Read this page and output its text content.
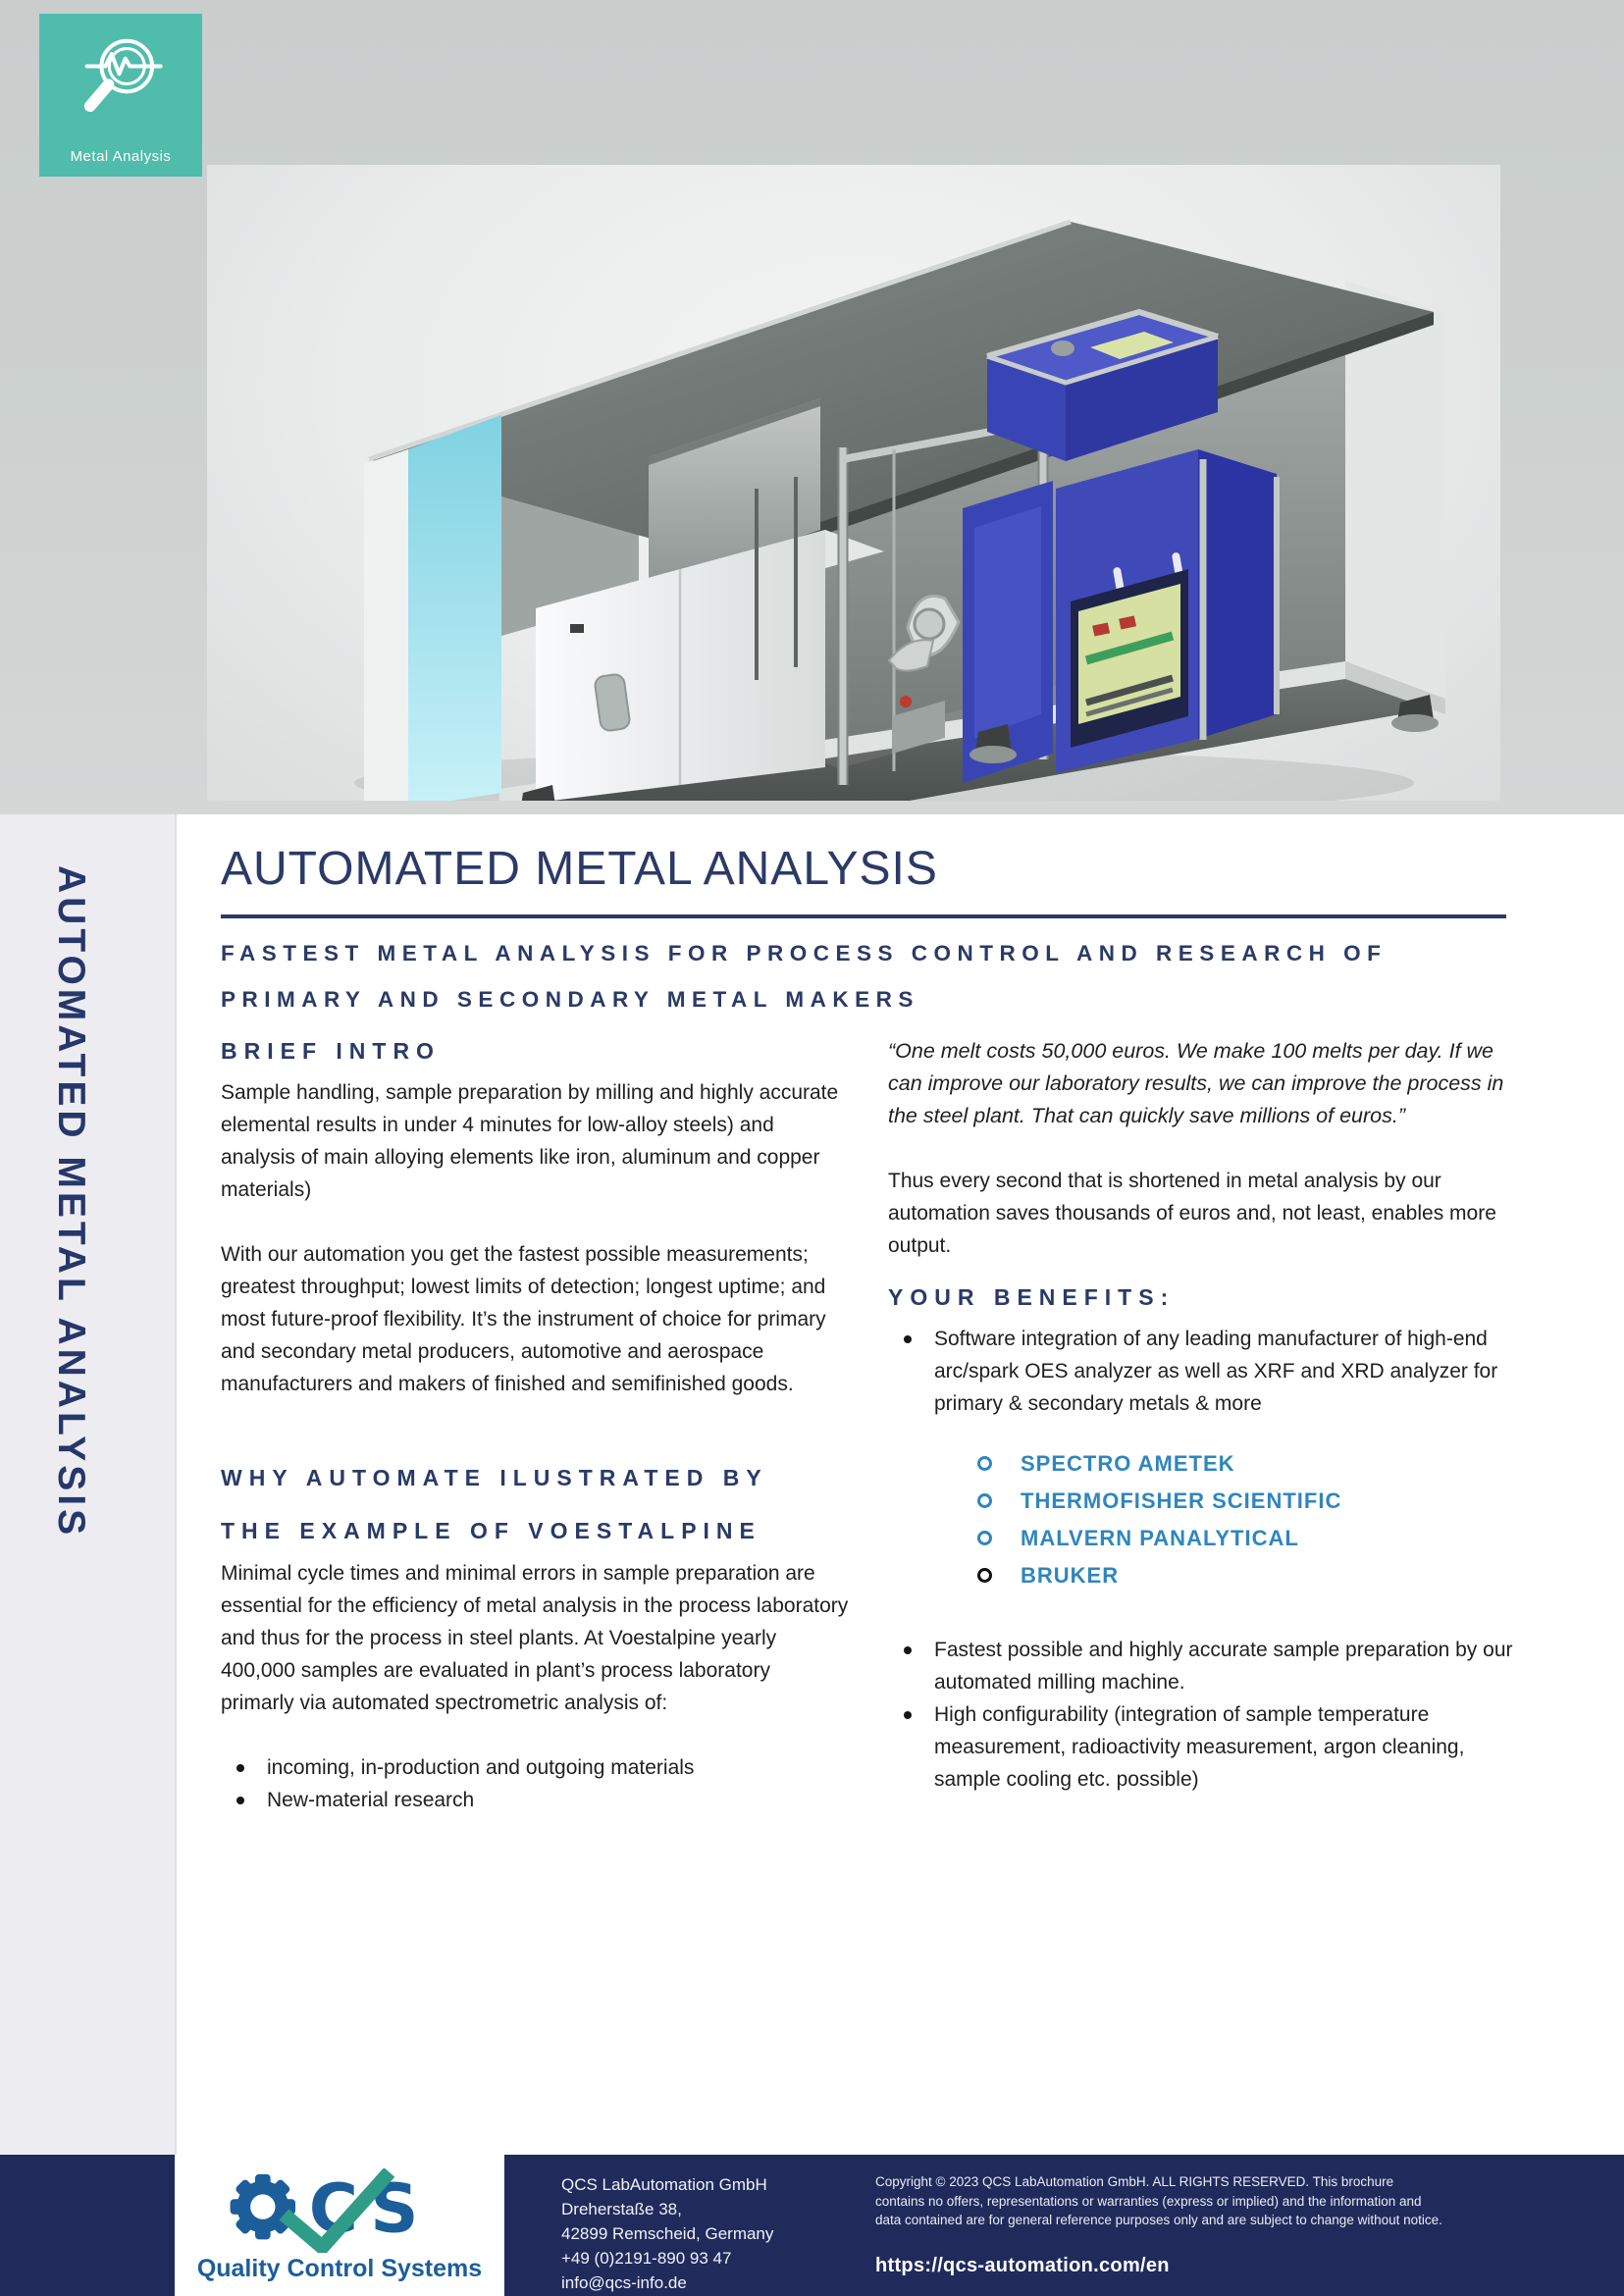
Metal Analysis
AUTOMATED METAL ANALYSIS	AUTOMATED METAL ANALYSIS
FASTEST METAL ANALYSIS FOR PROCESS CONTROL AND RESEARCH OF
PRIMARY AND SECONDARY METAL MAKERS
BRIEF INTRO

Sample handling, sample preparation by milling and highly accurate elemental results in under 4 minutes for low-alloy steels) and analysis of main alloying elements like iron, aluminum and copper materials)

With our automation you get the fastest possible measurements; greatest throughput; lowest limits of detection; longest uptime; and most future-proof flexibility. It’s the instrument of choice for primary and secondary metal producers, automotive and aerospace manufacturers and makers of finished and semifinished goods.

WHY AUTOMATE ILUSTRATED BY
THE EXAMPLE OF VOESTALPINE

Minimal cycle times and minimal errors in sample preparation are essential for the efficiency of metal analysis in the process laboratory and thus for the process in steel plants. At Voestalpine yearly 400,000 samples are evaluated in plant’s process laboratory primarly via automated spectrometric analysis of:

incoming, in-production and outgoing materials
New-material research

“One melt costs 50,000 euros. We make 100 melts per day. If we can improve our laboratory results, we can improve the process in the steel plant. That can quickly save millions of euros.”

Thus every second that is shortened in metal analysis by our automation saves thousands of euros and, not least, enables more output.

YOUR BENEFITS:
Software integration of any leading manufacturer of high-end arc/spark OES analyzer as well as XRF and XRD analyzer for primary & secondary metals & more
SPECTRO AMETEK
THERMOFISHER SCIENTIFIC
MALVERN PANALYTICAL
BRUKER
Fastest possible and highly accurate sample preparation by our automated milling machine.
High configurability (integration of sample temperature measurement, radioactivity measurement, argon cleaning, sample cooling etc. possible)
C S
Quality Control Systems
QCS LabAutomation GmbH
Dreherstaße 38,
42899 Remscheid, Germany
+49 (0)2191-890 93 47
info@qcs-info.de
Copyright © 2023 QCS LabAutomation GmbH. ALL RIGHTS RESERVED. This brochure contains no offers, representations or warranties (express or implied) and the information and data contained are for general reference purposes only and are subject to change without notice.
https://qcs-automation.com/en
